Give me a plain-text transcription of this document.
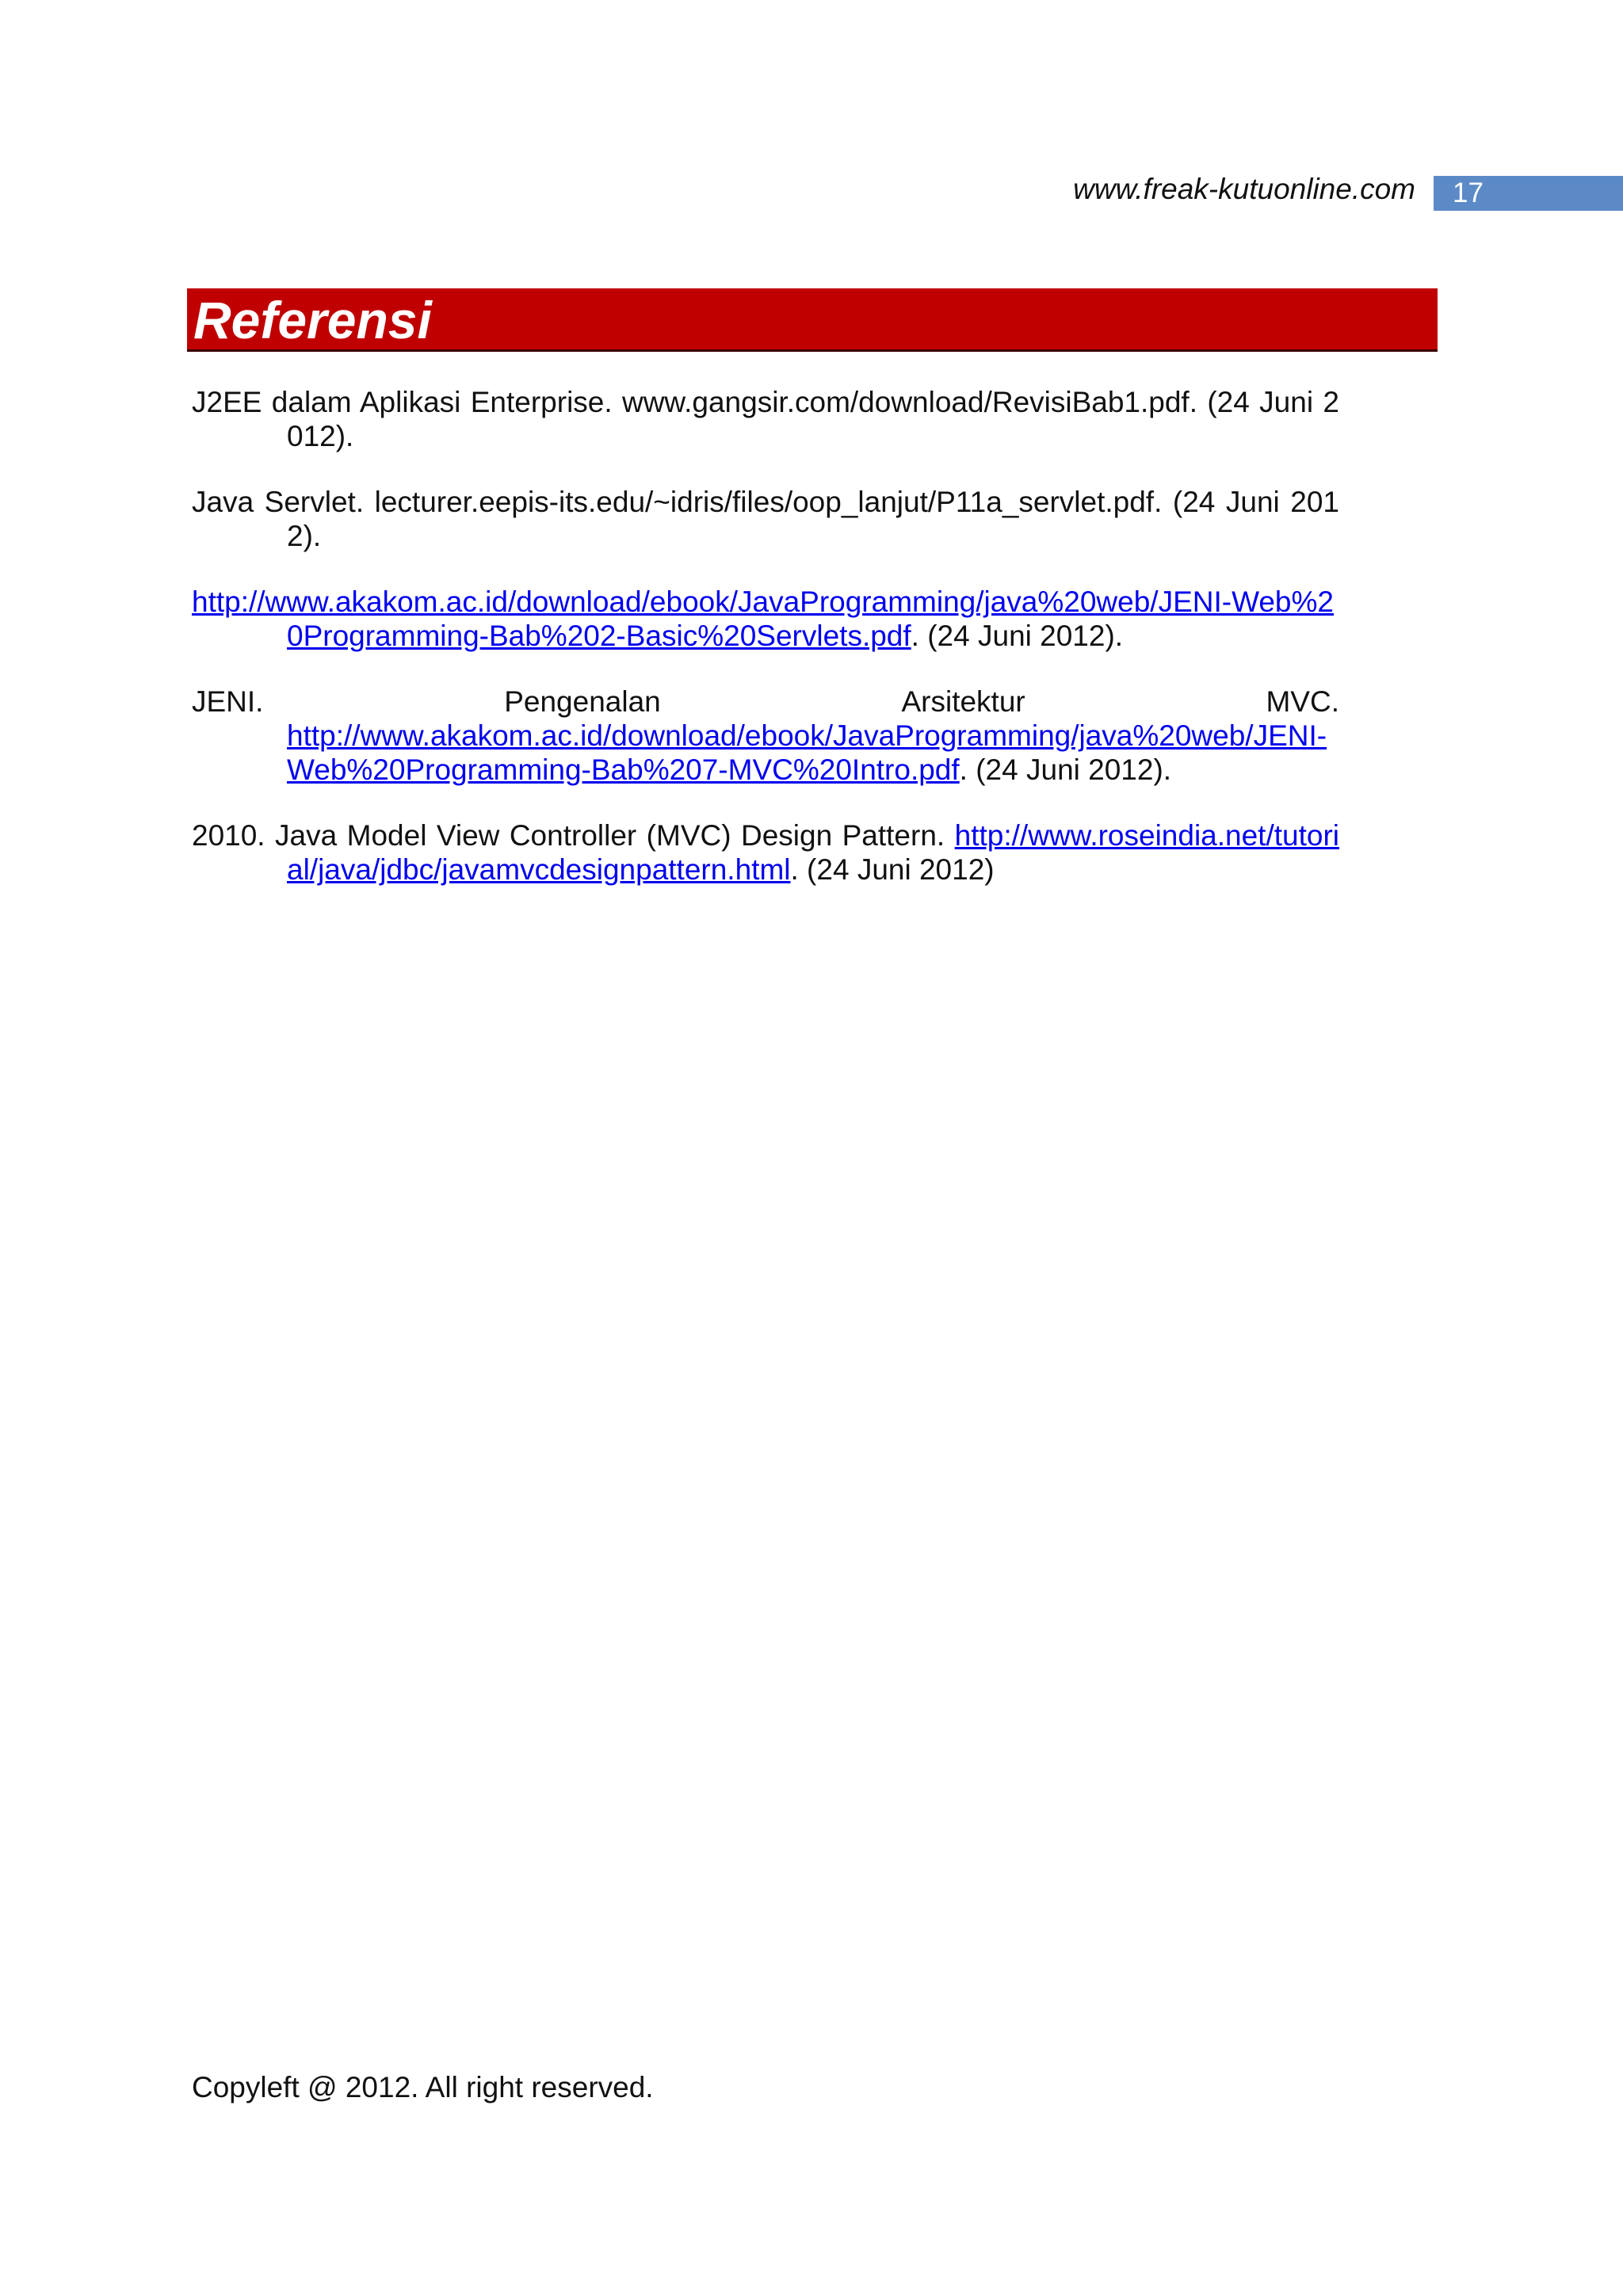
www.freak-kutuonline.com	17
Referensi

J2EE dalam Aplikasi Enterprise. www.gangsir.com/download/RevisiBab1.pdf. (24 Juni 2012).

Java Servlet. lecturer.eepis-its.edu/~idris/files/oop_lanjut/P11a_servlet.pdf. (24 Juni 2012).

http://www.akakom.ac.id/download/ebook/JavaProgramming/java%20web/JENI-Web%20Programming-Bab%202-Basic%20Servlets.pdf. (24 Juni 2012).

JENI.	Pengenalan	Arsitektur	MVC.
http://www.akakom.ac.id/download/ebook/JavaProgramming/java%20web/JENI-Web%20Programming-Bab%207-MVC%20Intro.pdf. (24 Juni 2012).

2010. Java Model View Controller (MVC) Design Pattern. http://www.roseindia.net/tutorial/java/jdbc/javamvcdesignpattern.html. (24 Juni 2012)

Copyleft @ 2012. All right reserved.
